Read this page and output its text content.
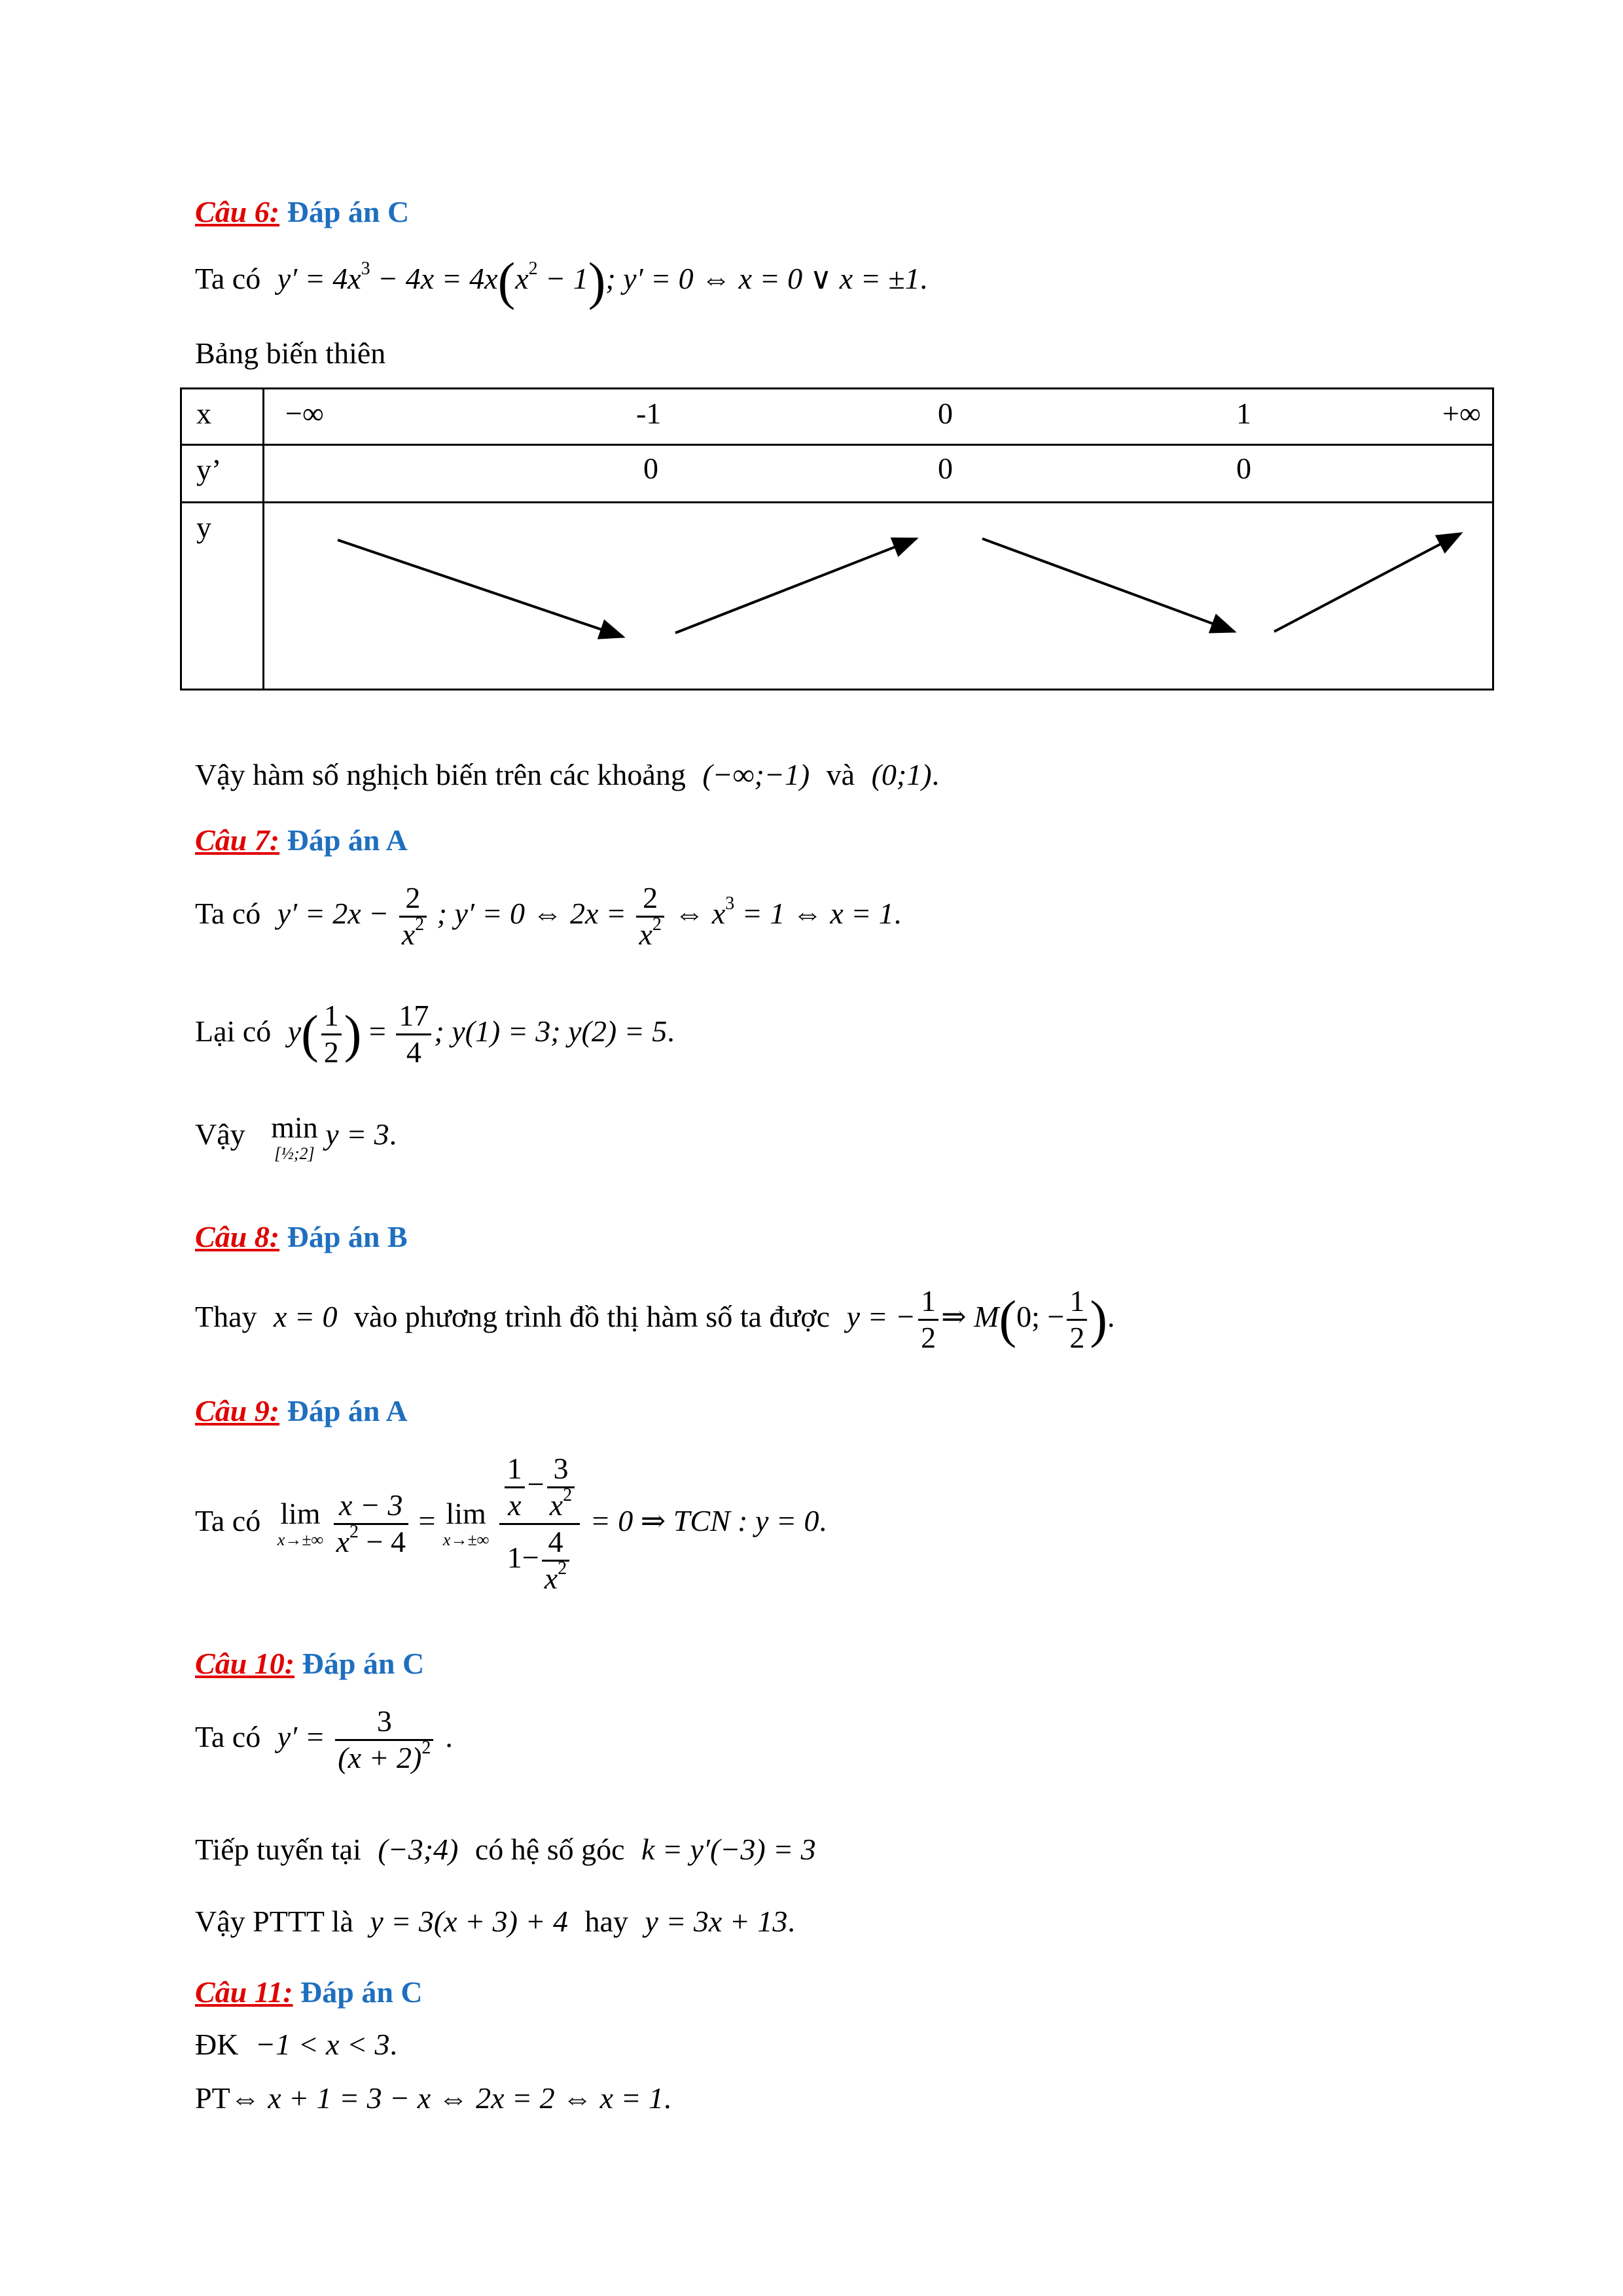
Câu 6: Đáp án C
Ta có $y' = 4x^3 - 4x = 4x(x^2 - 1)$; y′ = 0 ⇔ x = 0 ∨ x = ±1.
Bảng biến thiên
x	−∞ -1 0 1 +∞

y’	0 0 0

y

Vậy hàm số nghịch biến trên các khoảng (−∞;−1) và (0;1).
Câu 7: Đáp án A
Ta có $y' = 2x - \frac{2}{x^2}$ ; y′ = 0 ⇔ $2x = \frac{2}{x^2}$ ⇔ $x^3 = 1$ ⇔ x = 1.
Lại có $y( \frac{1}{2}$ ) = $\frac{17}{4}$ ; y(1) = 3; y(2) = 5.
Vậy min
[½;2]
y = 3.
Câu 8: Đáp án B
Thay x = 0 vào phương trình đồ thị hàm số ta được y = − $\frac{1}{2}$ ⇒ M(0; − $\frac{1}{2}$ ).
Câu 9: Đáp án A
Ta có lim
x→±∞
$\frac{x - 3}{x^2 - 4} = \lim$
x→±∞
$\frac{\frac{1}{x} - \frac{3}{x^2}}{1- \frac{4}{x^2}} = 0$ ⇒ TCN : y = 0.
Câu 10: Đáp án C
Ta có $y' = \frac{3}{(x + 2)^2}$ .
Tiếp tuyến tại (−3;4) có hệ số góc k = y′(−3) = 3
Vậy PTTT là y = 3(x + 3) + 4 hay y = 3x + 13.
Câu 11: Đáp án C
ĐK −1 < x < 3.
PT⇔ x + 1 = 3 − x ⇔ 2x = 2 ⇔ x = 1.
